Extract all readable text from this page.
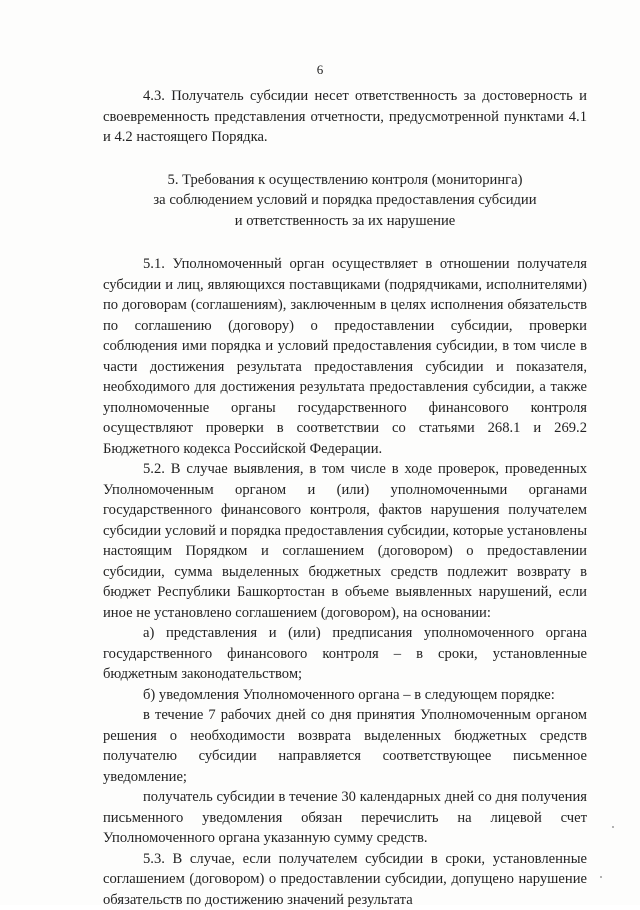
6

4.3. Получатель субсидии несет ответственность за достоверность и своевременность представления отчетности, предусмотренной пунктами 4.1 и 4.2 настоящего Порядка.

5. Требования к осуществлению контроля (мониторинга)
за соблюдением условий и порядка предоставления субсидии
и ответственность за их нарушение

5.1. Уполномоченный орган осуществляет в отношении получателя субсидии и лиц, являющихся поставщиками (подрядчиками, исполнителями) по договорам (соглашениям), заключенным в целях исполнения обязательств по соглашению (договору) о предоставлении субсидии, проверки соблюдения ими порядка и условий предоставления субсидии, в том числе в части достижения результата предоставления субсидии и показателя, необходимого для достижения результата предоставления субсидии, а также уполномоченные органы государственного финансового контроля осуществляют проверки в соответствии со статьями 268.1 и 269.2 Бюджетного кодекса Российской Федерации.

5.2. В случае выявления, в том числе в ходе проверок, проведенных Уполномоченным органом и (или) уполномоченными органами государственного финансового контроля, фактов нарушения получателем субсидии условий и порядка предоставления субсидии, которые установлены настоящим Порядком и соглашением (договором) о предоставлении субсидии, сумма выделенных бюджетных средств подлежит возврату в бюджет Республики Башкортостан в объеме выявленных нарушений, если иное не установлено соглашением (договором), на основании:

а) представления и (или) предписания уполномоченного органа государственного финансового контроля – в сроки, установленные бюджетным законодательством;

б) уведомления Уполномоченного органа – в следующем порядке:

в течение 7 рабочих дней со дня принятия Уполномоченным органом решения о необходимости возврата выделенных бюджетных средств получателю субсидии направляется соответствующее письменное уведомление;

получатель субсидии в течение 30 календарных дней со дня получения письменного уведомления обязан перечислить на лицевой счет Уполномоченного органа указанную сумму средств.

5.3. В случае, если получателем субсидии в сроки, установленные соглашением (договором) о предоставлении субсидии, допущено нарушение обязательств по достижению значений результата
